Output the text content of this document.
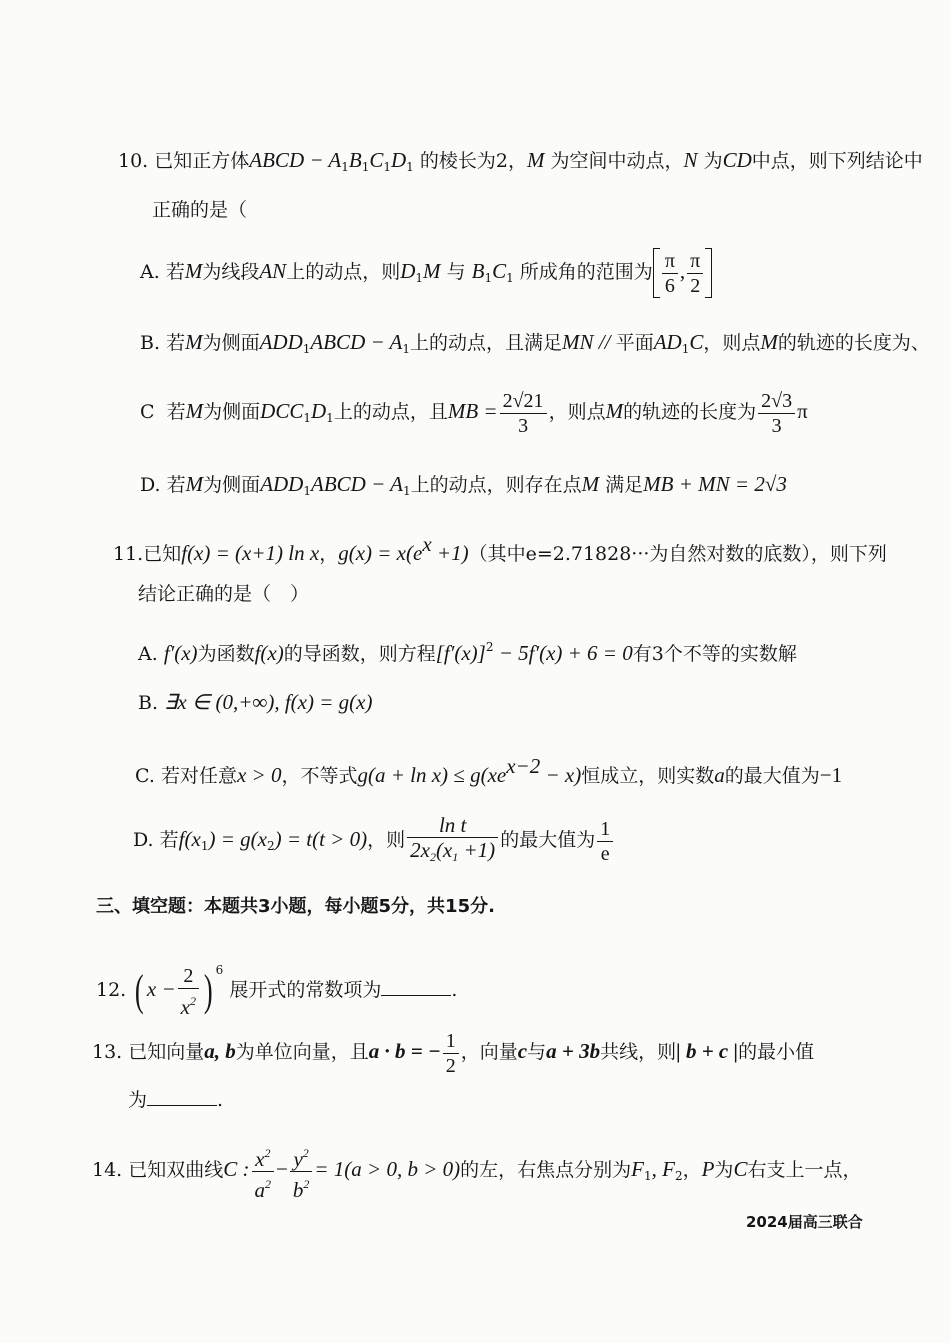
10. 已知正方体ABCD − $A_1B_1C_1D_1$ 的棱长为2，M 为空间中动点，N 为CD中点，则下列结论中
正确的是（
A. 若M为线段AN上的动点，则$D_1M$ 与 $B_1C_1$ 所成角的范围为 $\frac{\pi}{6}$ , $\frac{\pi}{2}$
B. 若M为侧面$ADD_1ABCD - A_1$上的动点，且满足MN // 平面$AD_1C$，则点M的轨迹的长度为、
C 若M为侧面$DCC_1D_1$上的动点，且MB = $\frac{2√21}{3}$ ，则点M的轨迹的长度为 $\frac{2√3}{3}$ π
D. 若M为侧面$ADD_1ABCD - A_1$上的动点，则存在点M 满足MB + MN = 2√3
11.已知f(x) = (x+1) ln x，$g(x) = x(e^x +1)$（其中e=2.71828···为自然对数的底数），则下列
结论正确的是（　）
A. f′(x)为函数f(x)的导函数，则方程$[f'(x)]^2 - 5f'(x) + 6 = 0$有3个不等的实数解
B. ∃x ∈ (0,+∞), f(x) = g(x)
C. 若对任意x > 0，不等式$g(a + \ln x) \le g(xe^{x-2} - x)$恒成立，则实数a的最大值为−1
D. 若$f(x_1) = g(x_2) = t(t > 0)$，则 $\frac{\text{ln t}}{2x_2(x_1 +1)}$ 的最大值为 $\frac{1}{e}$
三、填空题：本题共3小题，每小题5分，共15分.
12. ( $x - \frac{2}{x^2}$ ) $^6$ 展开式的常数项为	.
13. 已知向量a, b为单位向量，且a · b = − $\frac{1}{2}$ ，向量c与a + 3b共线，则| b + c |的最小值
为	.
14. 已知双曲线C : $\frac{x^2}{a^2} - \frac{y^2}{b^2} = 1(a > 0$, b > 0)的左，右焦点分别为$F_1$, $F_2$，P为C右支上一点，
2024届高三联合
